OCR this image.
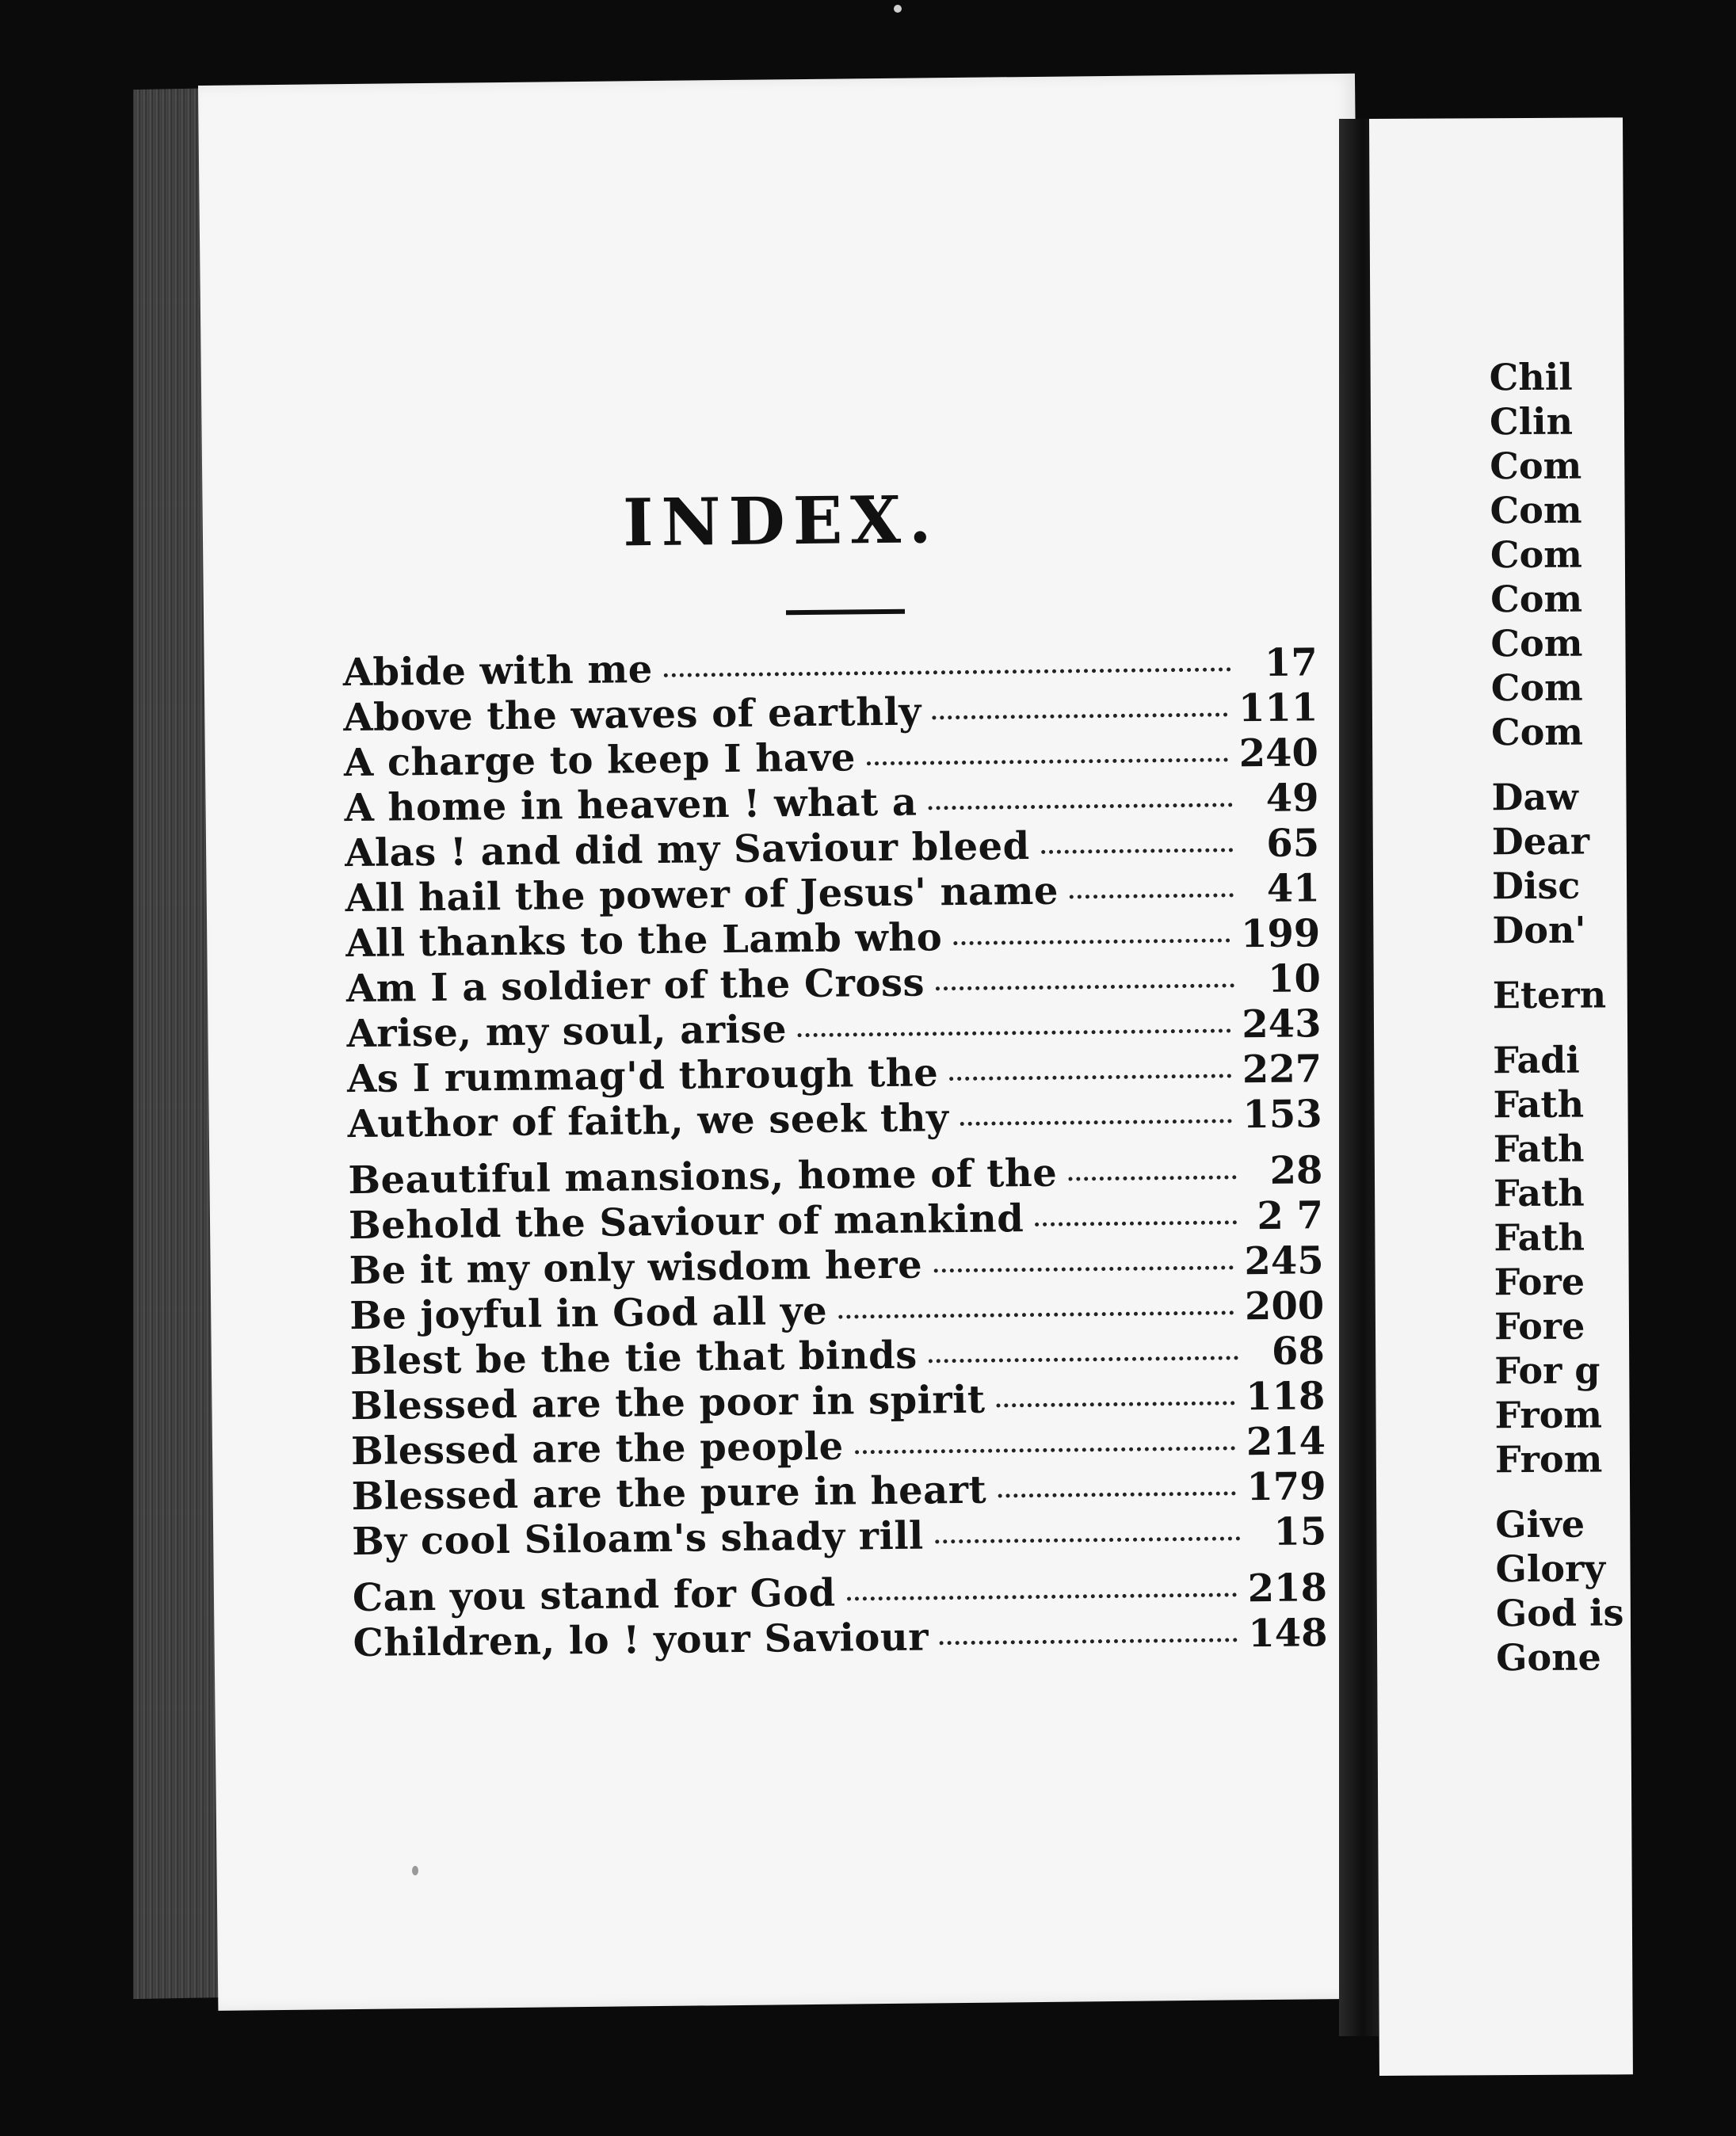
INDEX.
Abide with me	17
Above the waves of earthly	111
A charge to keep I have	240
A home in heaven ! what a	49
Alas ! and did my Saviour bleed	65
All hail the power of Jesus' name	41
All thanks to the Lamb who	199
Am I a soldier of the Cross	10
Arise, my soul, arise	243
As I rummag'd through the	227
Author of faith, we seek thy	153
Beautiful mansions, home of the	28
Behold the Saviour of mankind	2 7
Be it my only wisdom here	245
Be joyful in God all ye	200
Blest be the tie that binds	68
Blessed are the poor in spirit	118
Blessed are the people	214
Blessed are the pure in heart	179
By cool Siloam's shady rill	15
Can you stand for God	218
Children, lo ! your Saviour	148
Chil
Clin
Com
Com
Com
Com
Com
Com
Com
Daw
Dear
Disc
Don'
Etern
Fadi
Fath
Fath
Fath
Fath
Fore
Fore
For g
From
From
Give
Glory
God is
Gone
